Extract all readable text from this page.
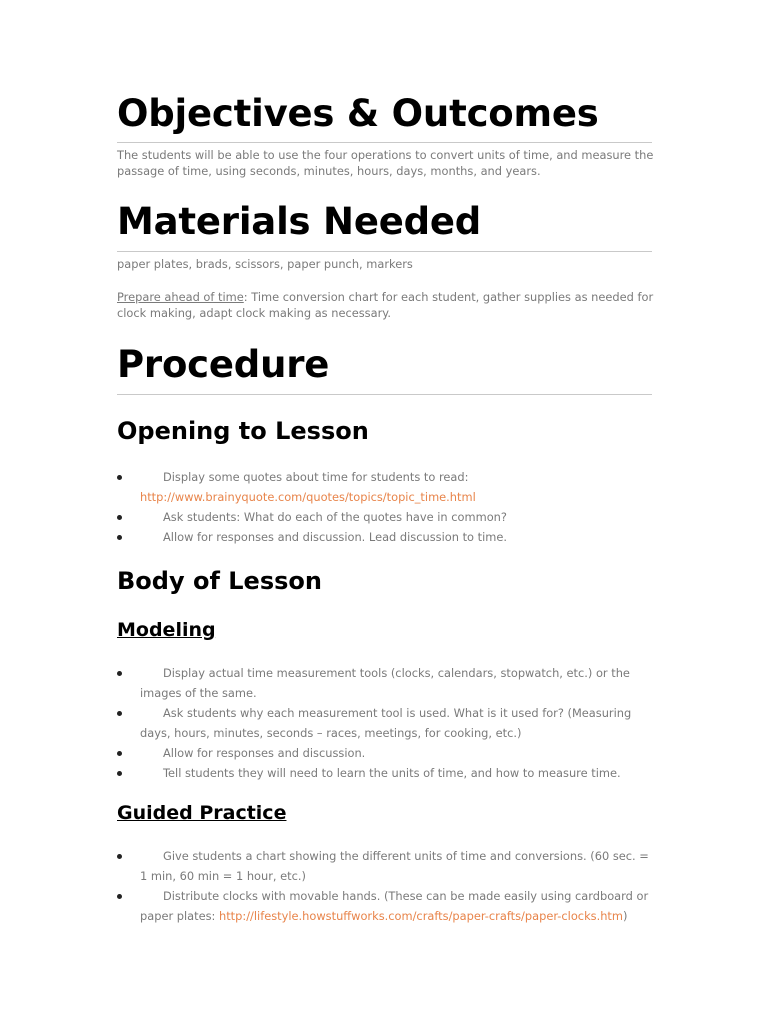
Objectives & Outcomes

The students will be able to use the four operations to convert units of time, and measure the passage of time, using seconds, minutes, hours, days, months, and years.

Materials Needed

paper plates, brads, scissors, paper punch, markers

Prepare ahead of time: Time conversion chart for each student, gather supplies as needed for clock making, adapt clock making as necessary.

Procedure
Opening to Lesson
Display some quotes about time for students to read: http://www.brainyquote.com/quotes/topics/topic_time.html
Ask students: What do each of the quotes have in common?
Allow for responses and discussion. Lead discussion to time.
Body of Lesson
Modeling
Display actual time measurement tools (clocks, calendars, stopwatch, etc.) or the images of the same.
Ask students why each measurement tool is used. What is it used for? (Measuring days, hours, minutes, seconds – races, meetings, for cooking, etc.)
Allow for responses and discussion.
Tell students they will need to learn the units of time, and how to measure time.
Guided Practice
Give students a chart showing the different units of time and conversions. (60 sec. = 1 min, 60 min = 1 hour, etc.)
Distribute clocks with movable hands. (These can be made easily using cardboard or paper plates: http://lifestyle.howstuffworks.com/crafts/paper-crafts/paper-clocks.htm)
